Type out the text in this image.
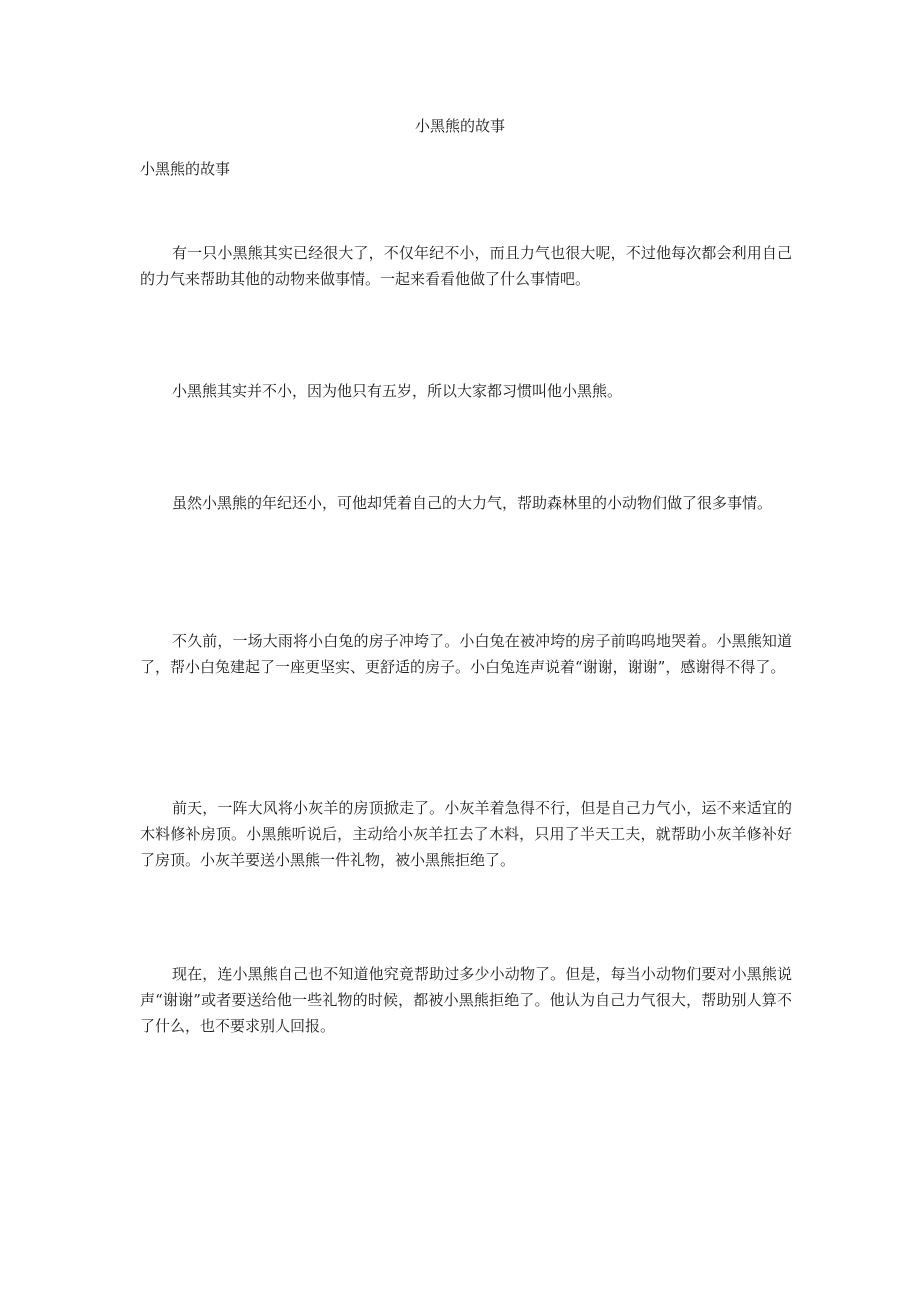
小黑熊的故事
小黑熊的故事

有一只小黑熊其实已经很大了，不仅年纪不小，而且力气也很大呢，不过他每次都会利用自己的力气来帮助其他的动物来做事情。一起来看看他做了什么事情吧。

小黑熊其实并不小，因为他只有五岁，所以大家都习惯叫他小黑熊。

虽然小黑熊的年纪还小，可他却凭着自己的大力气，帮助森林里的小动物们做了很多事情。

不久前，一场大雨将小白兔的房子冲垮了。小白兔在被冲垮的房子前呜呜地哭着。小黑熊知道了，帮小白兔建起了一座更坚实、更舒适的房子。小白兔连声说着“谢谢，谢谢”，感谢得不得了。

前天，一阵大风将小灰羊的房顶掀走了。小灰羊着急得不行，但是自己力气小，运不来适宜的木料修补房顶。小黑熊听说后，主动给小灰羊扛去了木料，只用了半天工夫，就帮助小灰羊修补好了房顶。小灰羊要送小黑熊一件礼物，被小黑熊拒绝了。

现在，连小黑熊自己也不知道他究竟帮助过多少小动物了。但是，每当小动物们要对小黑熊说声“谢谢”或者要送给他一些礼物的时候，都被小黑熊拒绝了。他认为自己力气很大，帮助别人算不了什么，也不要求别人回报。
